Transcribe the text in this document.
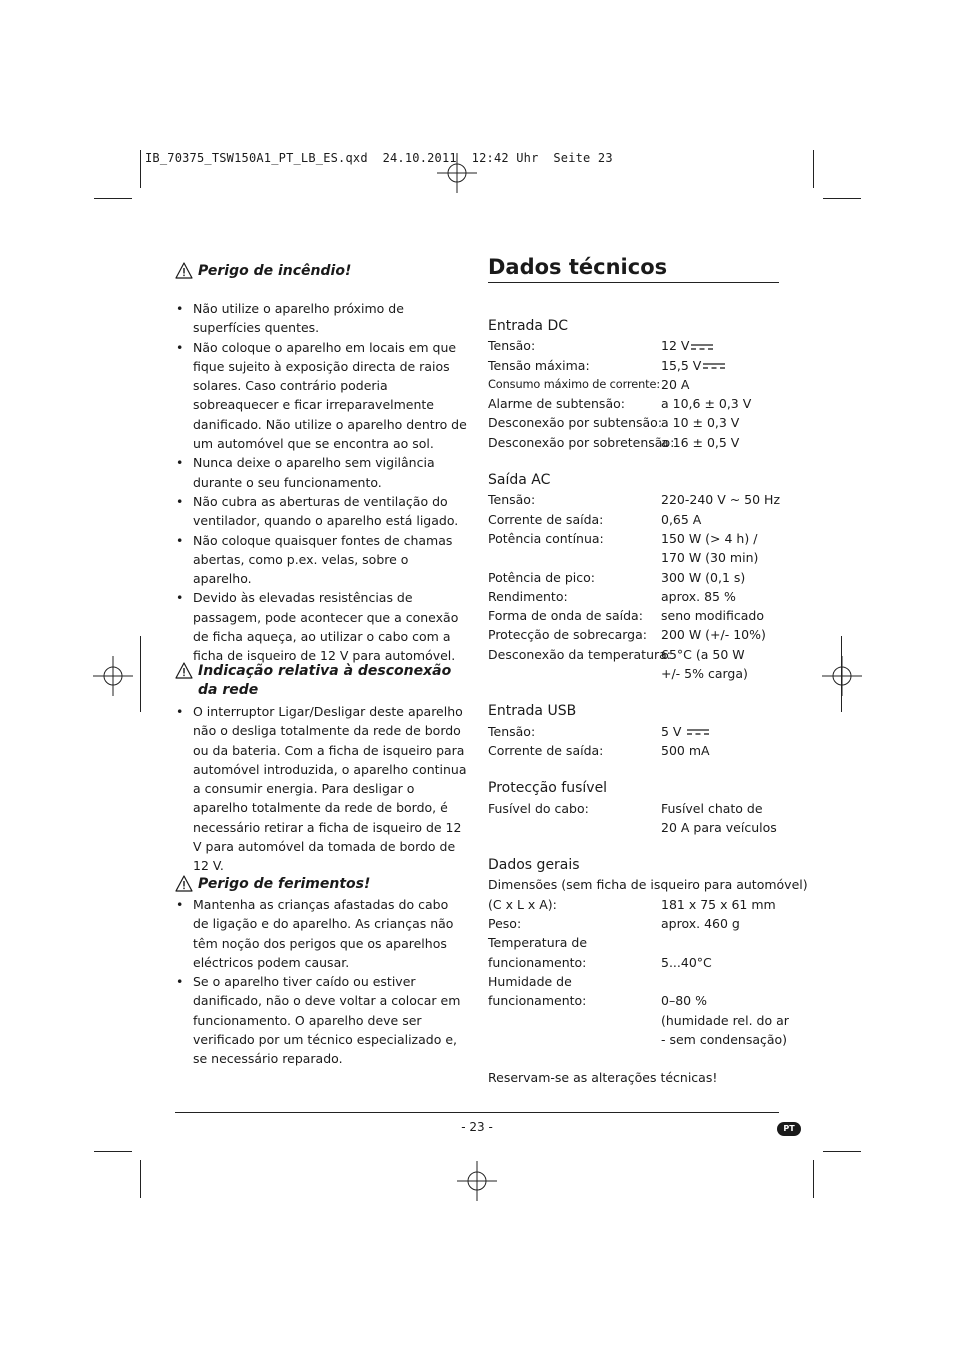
IB_70375_TSW150A1_PT_LB_ES.qxd  24.10.2011  12:42 Uhr  Seite 23
Perigo de incêndio!
• Não utilize o aparelho próximo de superfícies quentes.
• Não coloque o aparelho em locais em que fique sujeito à exposição directa de raios solares. Caso contrário poderia sobreaquecer e ficar irreparavelmente danificado. Não utilize o aparelho dentro de um automóvel que se encontra ao sol.
• Nunca deixe o aparelho sem vigilância durante o seu funcionamento.
• Não cubra as aberturas de ventilação do ventilador, quando o aparelho está ligado.
• Não coloque quaisquer fontes de chamas abertas, como p.ex. velas, sobre o aparelho.
• Devido às elevadas resistências de passagem, pode acontecer que a conexão de ficha aqueça, ao utilizar o cabo com a ficha de isqueiro de 12 V para automóvel.
Indicação relativa à desconexão
da rede
• O interruptor Ligar/Desligar deste aparelho não o desliga totalmente da rede de bordo ou da bateria. Com a ficha de isqueiro para automóvel introduzida, o aparelho continua a consumir energia. Para desligar o aparelho totalmente da rede de bordo, é necessário retirar a ficha de isqueiro de 12 V para automóvel da tomada de bordo de 12 V.
Perigo de ferimentos!
• Mantenha as crianças afastadas do cabo de ligação e do aparelho. As crianças não têm noção dos perigos que os aparelhos eléctricos podem causar.
• Se o aparelho tiver caído ou estiver danificado, não o deve voltar a colocar em funcionamento. O aparelho deve ser verificado por um técnico especializado e, se necessário reparado.
Dados técnicos
Entrada DC
Tensão:	12 V
Tensão máxima:	15,5 V
Consumo máximo de corrente: 20 A
Alarme de subtensão:	a 10,6 ± 0,3 V
Desconexão por subtensão:
a 10 ± 0,3 V
Desconexão por sobretensão:
a 16 ± 0,5 V
Saída AC
Tensão:	220-240 V ~ 50 Hz
Corrente de saída:	0,65 A
Potência contínua:	150 W (> 4 h) /
170 W (30 min)
Potência de pico:	300 W (0,1 s)
Rendimento:	aprox. 85 %
Forma de onda de saída:	seno modificado
Protecção de sobrecarga:	200 W (+/- 10%)
Desconexão da temperatura:
65°C (a 50 W
+/- 5% carga)
Entrada USB
Tensão:	5 V
Corrente de saída:	500 mA
Protecção fusível
Fusível do cabo:	Fusível chato de
20 A para veículos
Dados gerais
Dimensões (sem ficha de isqueiro para automóvel)
(C x L x A):	181 x 75 x 61 mm
Peso:	aprox. 460 g
Temperatura de
funcionamento:	5...40°C
Humidade de
funcionamento:	0–80 %
(humidade rel. do ar
- sem condensação)
Reservam-se as alterações técnicas!
- 23 -	PT
